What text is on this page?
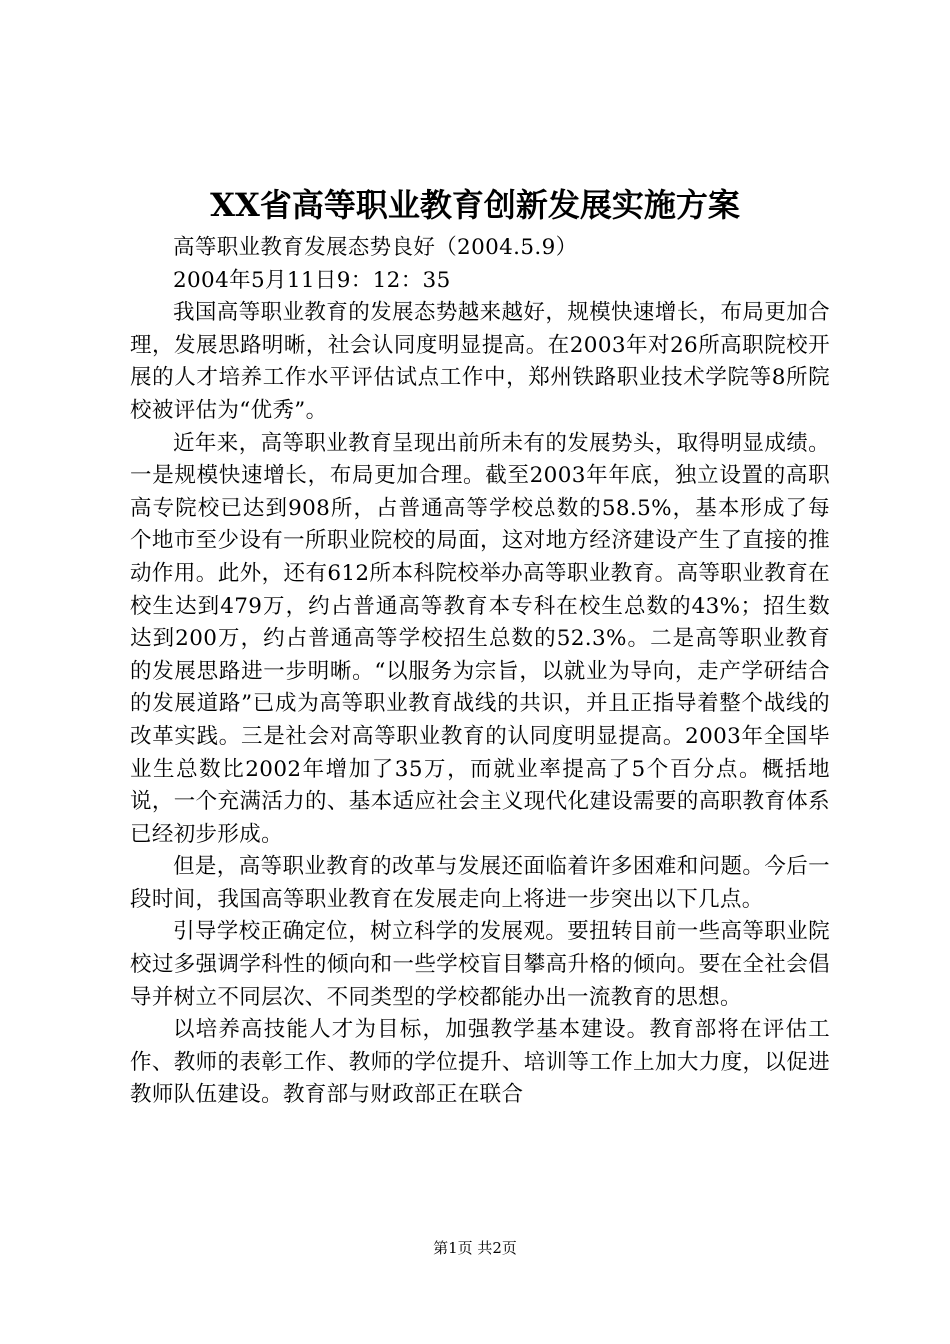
XX省高等职业教育创新发展实施方案

高等职业教育发展态势良好（2004.5.9）

2004年5月11日9：12：35

我国高等职业教育的发展态势越来越好，规模快速增长，布局更加合理，发展思路明晰，社会认同度明显提高。在2003年对26所高职院校开展的人才培养工作水平评估试点工作中，郑州铁路职业技术学院等8所院校被评估为“优秀”。

近年来，高等职业教育呈现出前所未有的发展势头，取得明显成绩。一是规模快速增长，布局更加合理。截至2003年年底，独立设置的高职高专院校已达到908所，占普通高等学校总数的58.5%，基本形成了每个地市至少设有一所职业院校的局面，这对地方经济建设产生了直接的推动作用。此外，还有612所本科院校举办高等职业教育。高等职业教育在校生达到479万，约占普通高等教育本专科在校生总数的43%；招生数达到200万，约占普通高等学校招生总数的52.3%。二是高等职业教育的发展思路进一步明晰。“以服务为宗旨，以就业为导向，走产学研结合的发展道路”已成为高等职业教育战线的共识，并且正指导着整个战线的改革实践。三是社会对高等职业教育的认同度明显提高。2003年全国毕业生总数比2002年增加了35万，而就业率提高了5个百分点。概括地说，一个充满活力的、基本适应社会主义现代化建设需要的高职教育体系已经初步形成。

但是，高等职业教育的改革与发展还面临着许多困难和问题。今后一段时间，我国高等职业教育在发展走向上将进一步突出以下几点。

引导学校正确定位，树立科学的发展观。要扭转目前一些高等职业院校过多强调学科性的倾向和一些学校盲目攀高升格的倾向。要在全社会倡导并树立不同层次、不同类型的学校都能办出一流教育的思想。

以培养高技能人才为目标，加强教学基本建设。教育部将在评估工作、教师的表彰工作、教师的学位提升、培训等工作上加大力度，以促进教师队伍建设。教育部与财政部正在联合

第1页 共2页
